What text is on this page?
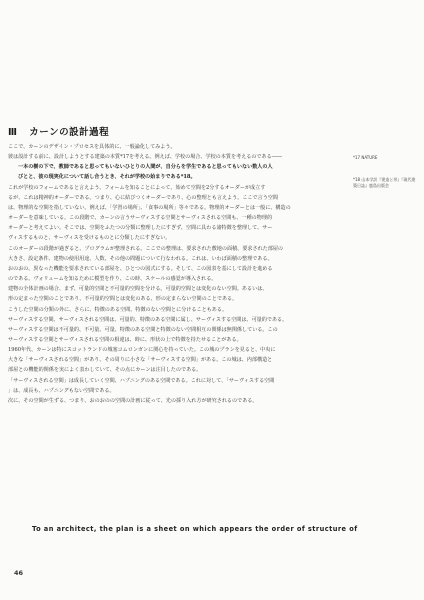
Ⅲ カーンの設計過程

ここで、カーンのデザイン・プロセスを具体的に、一般論化してみよう。

彼は設計する前に、設計しようとする建築の本質*17を考える。例えば、学校の場合、学校の本質を考えるのである――

一本の樹の下で、教師であると思ってもいないひとりの人間が、自分らを学生であると思ってもいない数人の人

びとと、彼の現実化について話し合うとき、それが学校の始まりである*18。

これが学校のフォームであると言えよう。フォームを知ることによって、始めて空間を2分するオーダーが成立す

るが、これは精神的オーダーである。つまり、心に結びつくオーダーであり、心の整理とも言えよう。ここで言う空間

は、物理的な空間を指していない。例えば、「学習の場所」、「食事の場所」等々である。物理的オーダーとは一般に、構造の

オーダーを意味している。この段階で、カーンの言うサーヴィスする空間とサーヴィスされる空間も、一種の物理的

オーダーと考えてよい。そこでは、空間をふたつの分類に整理したにすぎず、空間に具わる諸特徴を整理して、サー

ヴィスするものと、サーヴィスを受けるものとに分類したにすぎない。

このオーダーの段階が過ぎると、プログラムが整理される。ここでの整理は、要求された敷地の面積、要求された部屋の

大きさ、設定条件、建物の使用用途、人数、その他の問題について行なわれる。これは、いわば面積の整理である。

おのおの、異なった機能を要求されている部屋を、ひとつの図式にする。そして、この図表を基にして設計を進める

のである。ヴォリュームを知るために模型を作り、この時、スケールの感覚が導入される。

建物の全体計画の場合、まず、可量的空間と不可量的空間を分ける。可量的空間とは変化のない空間。あるいは、

形の定まった空間のことであり、不可量的空間とは変化のある、形の定まらない空間のことである。

こうした空間の分類の外に、さらに、特徴のある空間、特徴のない空間とに分けることもある。

サーヴィスする空間、サーヴィスされる空間は、可量的、特徴のある空間に属し、サーヴィスする空間は、可量的である。

サーヴィスする空間は不可量的、不可量、可量、特徴のある空間と特徴のない空間相互の関係は無関係している。この

サーヴィスする空間とサーヴィスされる空間の相違は、時に、形状の上で特徴を持たせることがある。

1960年代、カーンは特にスコットランドの城塞コムロンガンに関心を持っていた。この城のプランを見ると、中央に

大きな「サーヴィスされる空間」があり、その周りに小さな「サーヴィスする空間」がある。この城は、内部構造と

部屋との機能的関係を実によく表わしていて、その点にカーンは注目したのである。

「サーヴィスされる空間」は成長していく空間、ハプニングのある空間である。これに対して、「サーヴィスする空間

」は、成長も、ハプニングもない空間である。

次に、その空間が生ずる、つまり、おのおのの空間の計画に従って、光の採り入れ方が研究されるのである。

*17 NATURE
*18 山本学訳『建造と形』『現代建築日誌』鹿島出版会
To an architect, the plan is a sheet on which appears the order of structure of
46
